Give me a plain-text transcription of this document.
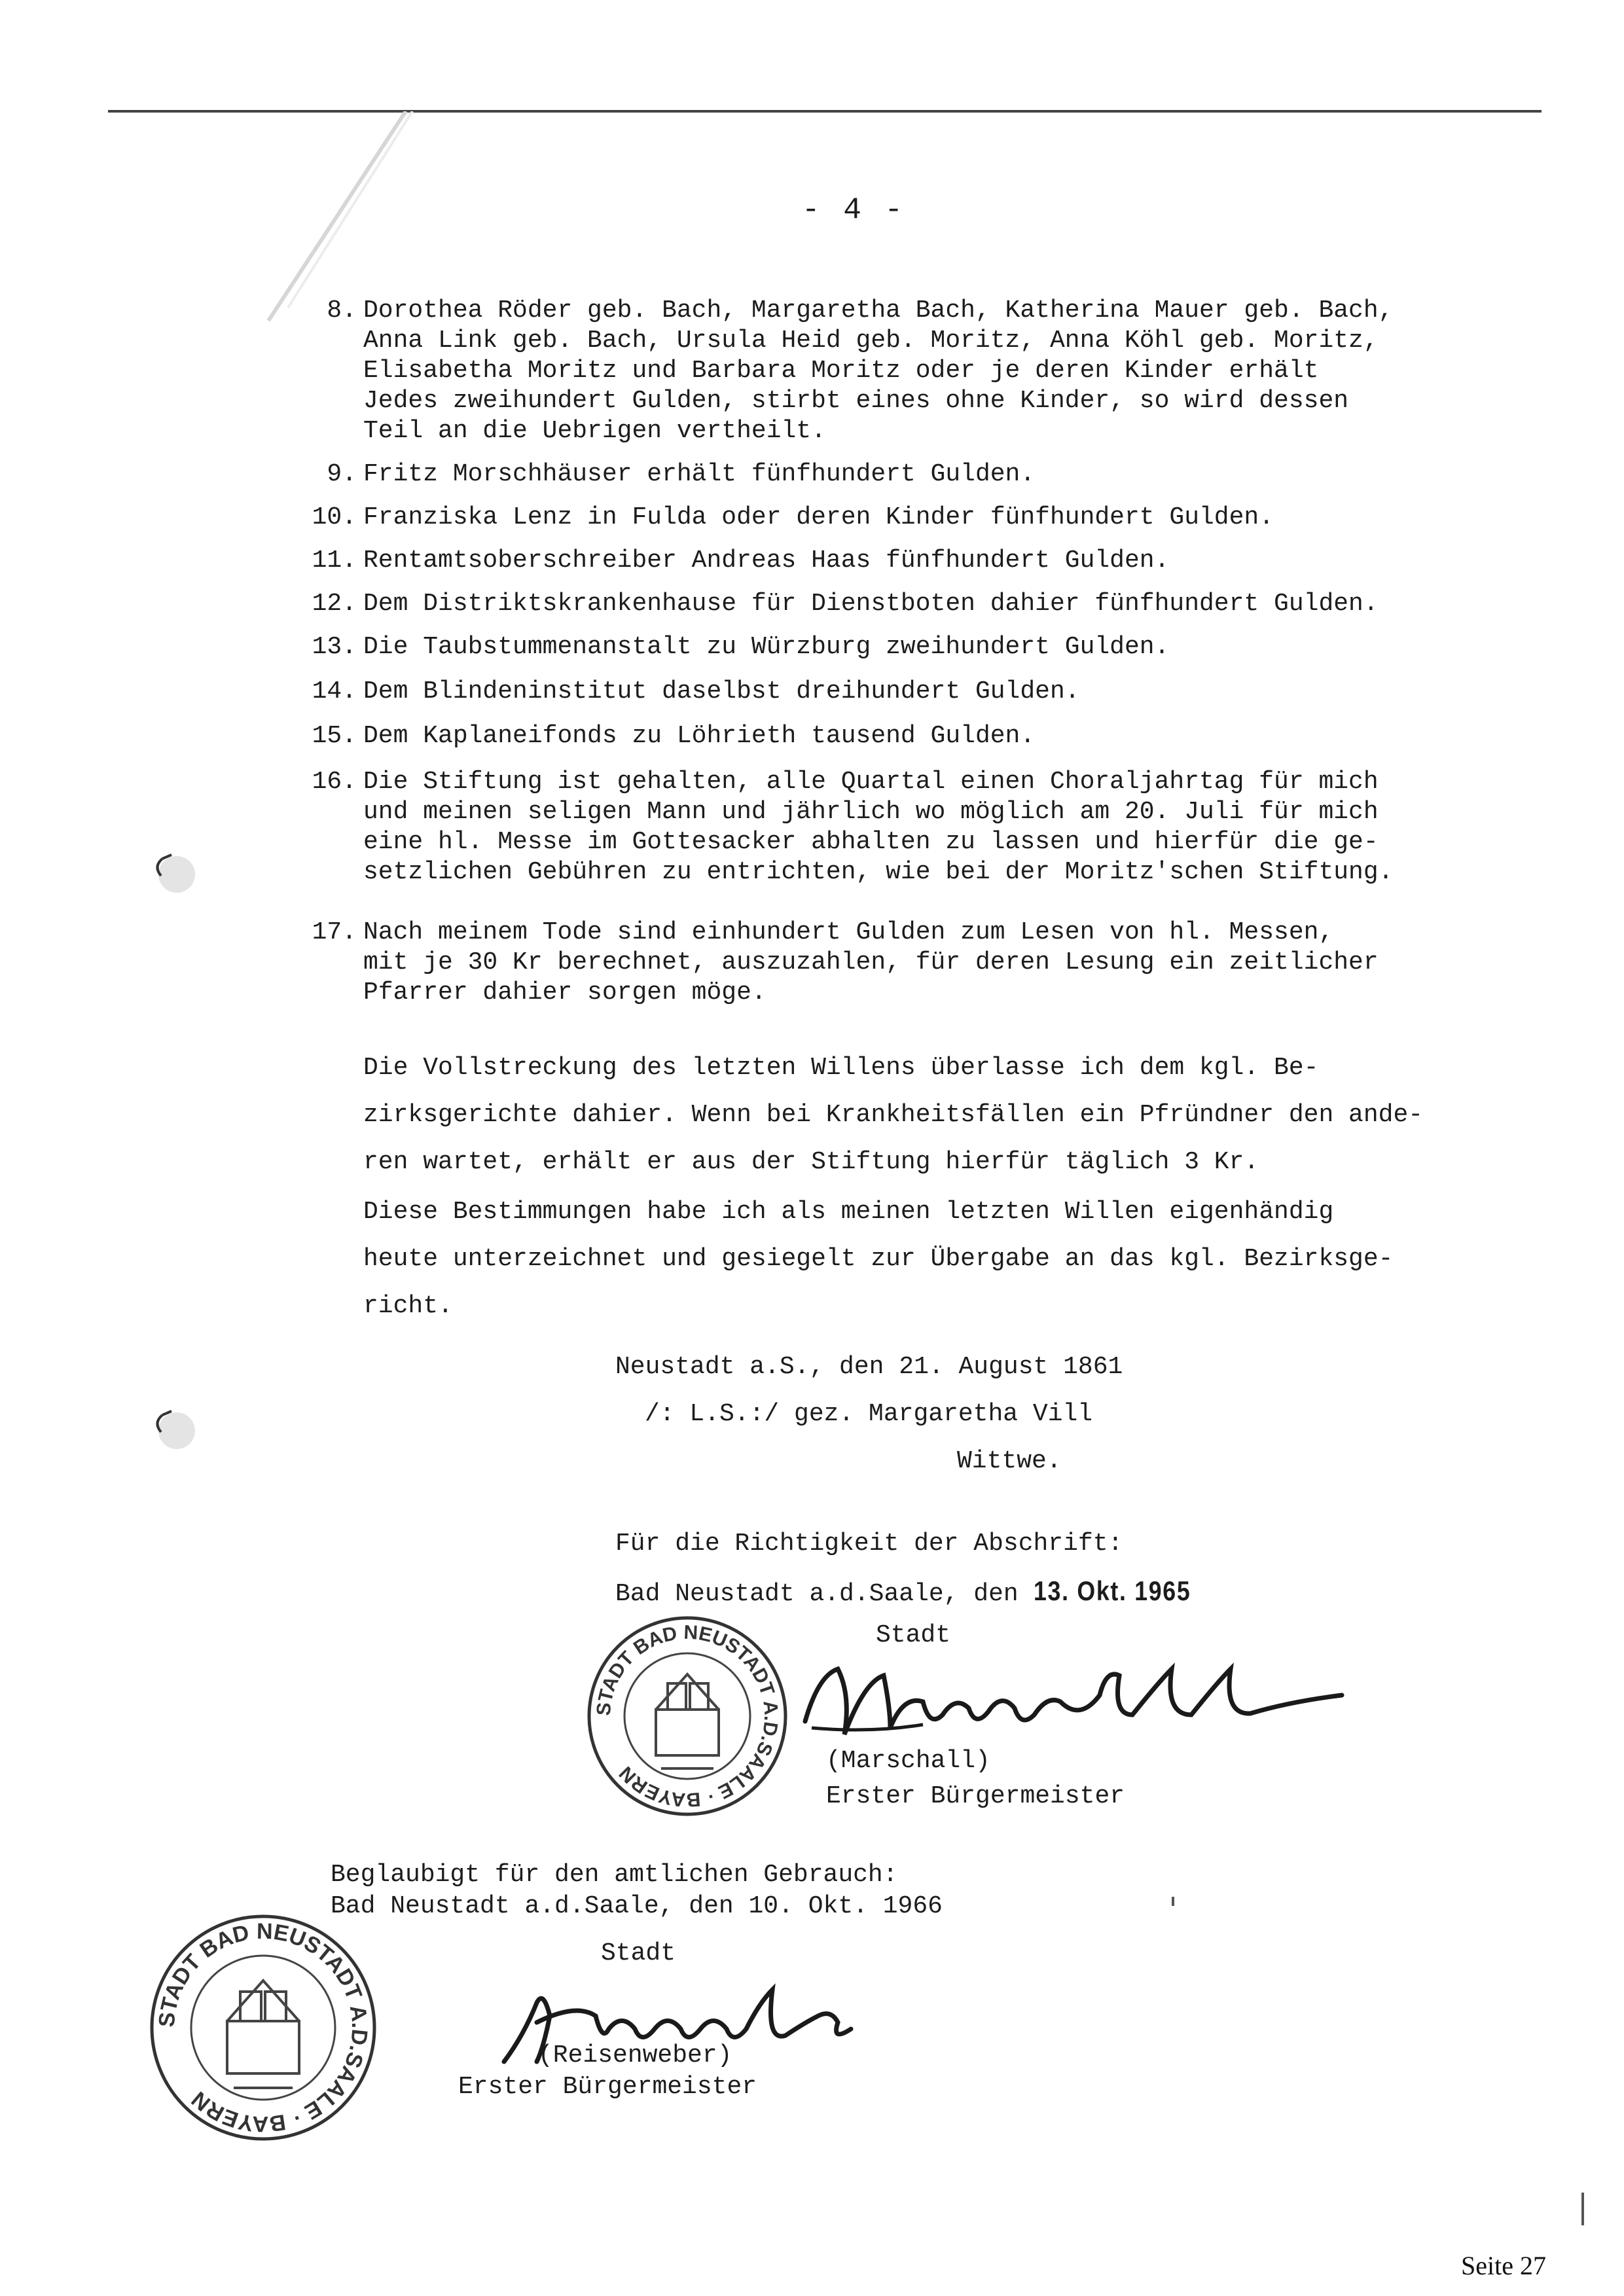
- 4 -
8. Dorothea Röder geb. Bach, Margaretha Bach, Katherina Mauer geb. Bach,
Anna Link geb. Bach, Ursula Heid geb. Moritz, Anna Köhl geb. Moritz,
Elisabetha Moritz und Barbara Moritz oder je deren Kinder erhält
Jedes zweihundert Gulden, stirbt eines ohne Kinder, so wird dessen
Teil an die Uebrigen vertheilt.
9. Fritz Morschhäuser erhält fünfhundert Gulden.
10. Franziska Lenz in Fulda oder deren Kinder fünfhundert Gulden.
11. Rentamtsoberschreiber Andreas Haas fünfhundert Gulden.
12. Dem Distriktskrankenhause für Dienstboten dahier fünfhundert Gulden.
13. Die Taubstummenanstalt zu Würzburg zweihundert Gulden.
14. Dem Blindeninstitut daselbst dreihundert Gulden.
15. Dem Kaplaneifonds zu Löhrieth tausend Gulden.
16. Die Stiftung ist gehalten, alle Quartal einen Choraljahrtag für mich
und meinen seligen Mann und jährlich wo möglich am 20. Juli für mich
eine hl. Messe im Gottesacker abhalten zu lassen und hierfür die ge-
setzlichen Gebühren zu entrichten, wie bei der Moritz'schen Stiftung.
17. Nach meinem Tode sind einhundert Gulden zum Lesen von hl. Messen,
mit je 30 Kr berechnet, auszuzahlen, für deren Lesung ein zeitlicher
Pfarrer dahier sorgen möge.
Die Vollstreckung des letzten Willens überlasse ich dem kgl. Be-
zirksgerichte dahier. Wenn bei Krankheitsfällen ein Pfründner den ande-
ren wartet, erhält er aus der Stiftung hierfür täglich 3 Kr.
Diese Bestimmungen habe ich als meinen letzten Willen eigenhändig
heute unterzeichnet und gesiegelt zur Übergabe an das kgl. Bezirksge-
richt.
Neustadt a.S., den 21. August 1861
/: L.S.:/ gez. Margaretha Vill
Wittwe.
Für die Richtigkeit der Abschrift:
Bad Neustadt a.d.Saale, den 13. Okt. 1965
Stadt
STADT BAD NEUSTADT A.D.SAALE · BAYERN	(Marschall)
Erster Bürgermeister
Beglaubigt für den amtlichen Gebrauch:
Bad Neustadt a.d.Saale, den 10. Okt. 1966
Stadt
STADT BAD NEUSTADT A.D.SAALE · BAYERN
(Reisenweber)
Erster Bürgermeister
Seite 27
